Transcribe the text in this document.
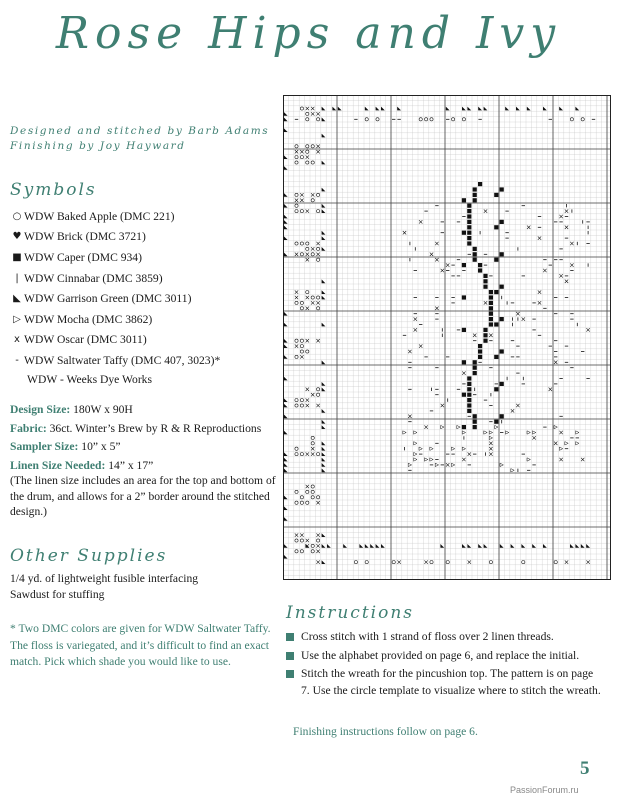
Rose Hips and Ivy
Designed and stitched by Barb Adams
Finishing by Joy Hayward
Symbols
○ WDW Baked Apple (DMC 221)
♥ WDW Brick (DMC 3721)
■ WDW Caper (DMC 934)
| WDW Cinnabar (DMC 3859)
◣ WDW Garrison Green (DMC 3011)
▷ WDW Mocha (DMC 3862)
x WDW Oscar (DMC 3011)
- WDW Saltwater Taffy (DMC 407, 3023)*
WDW - Weeks Dye Works

Design Size: 180W x 90H

Fabric: 36ct. Winter’s Brew by R & R Reproductions

Sampler Size: 10” x 5”

Linen Size Needed: 14” x 17”

(The linen size includes an area for the top and bottom of the drum, and allows for a 2” border around the stitched design.)

Other Supplies
1/4 yd. of lightweight fusible interfacing
Sawdust for stuffing
* Two DMC colors are given for WDW Saltwater Taffy. The floss is variegated, and it’s difficult to find an exact match. Pick which shade you would like to use.
Instructions
Cross stitch with 1 strand of floss over 2 linen threads.
Use the alphabet provided on page 6, and replace the initial.
Stitch the wreath for the pincushion top. The pattern is on page 7. Use the circle template to visualize where to stitch the wreath.
Finishing instructions follow on page 6.
5
PassionForum.ru
